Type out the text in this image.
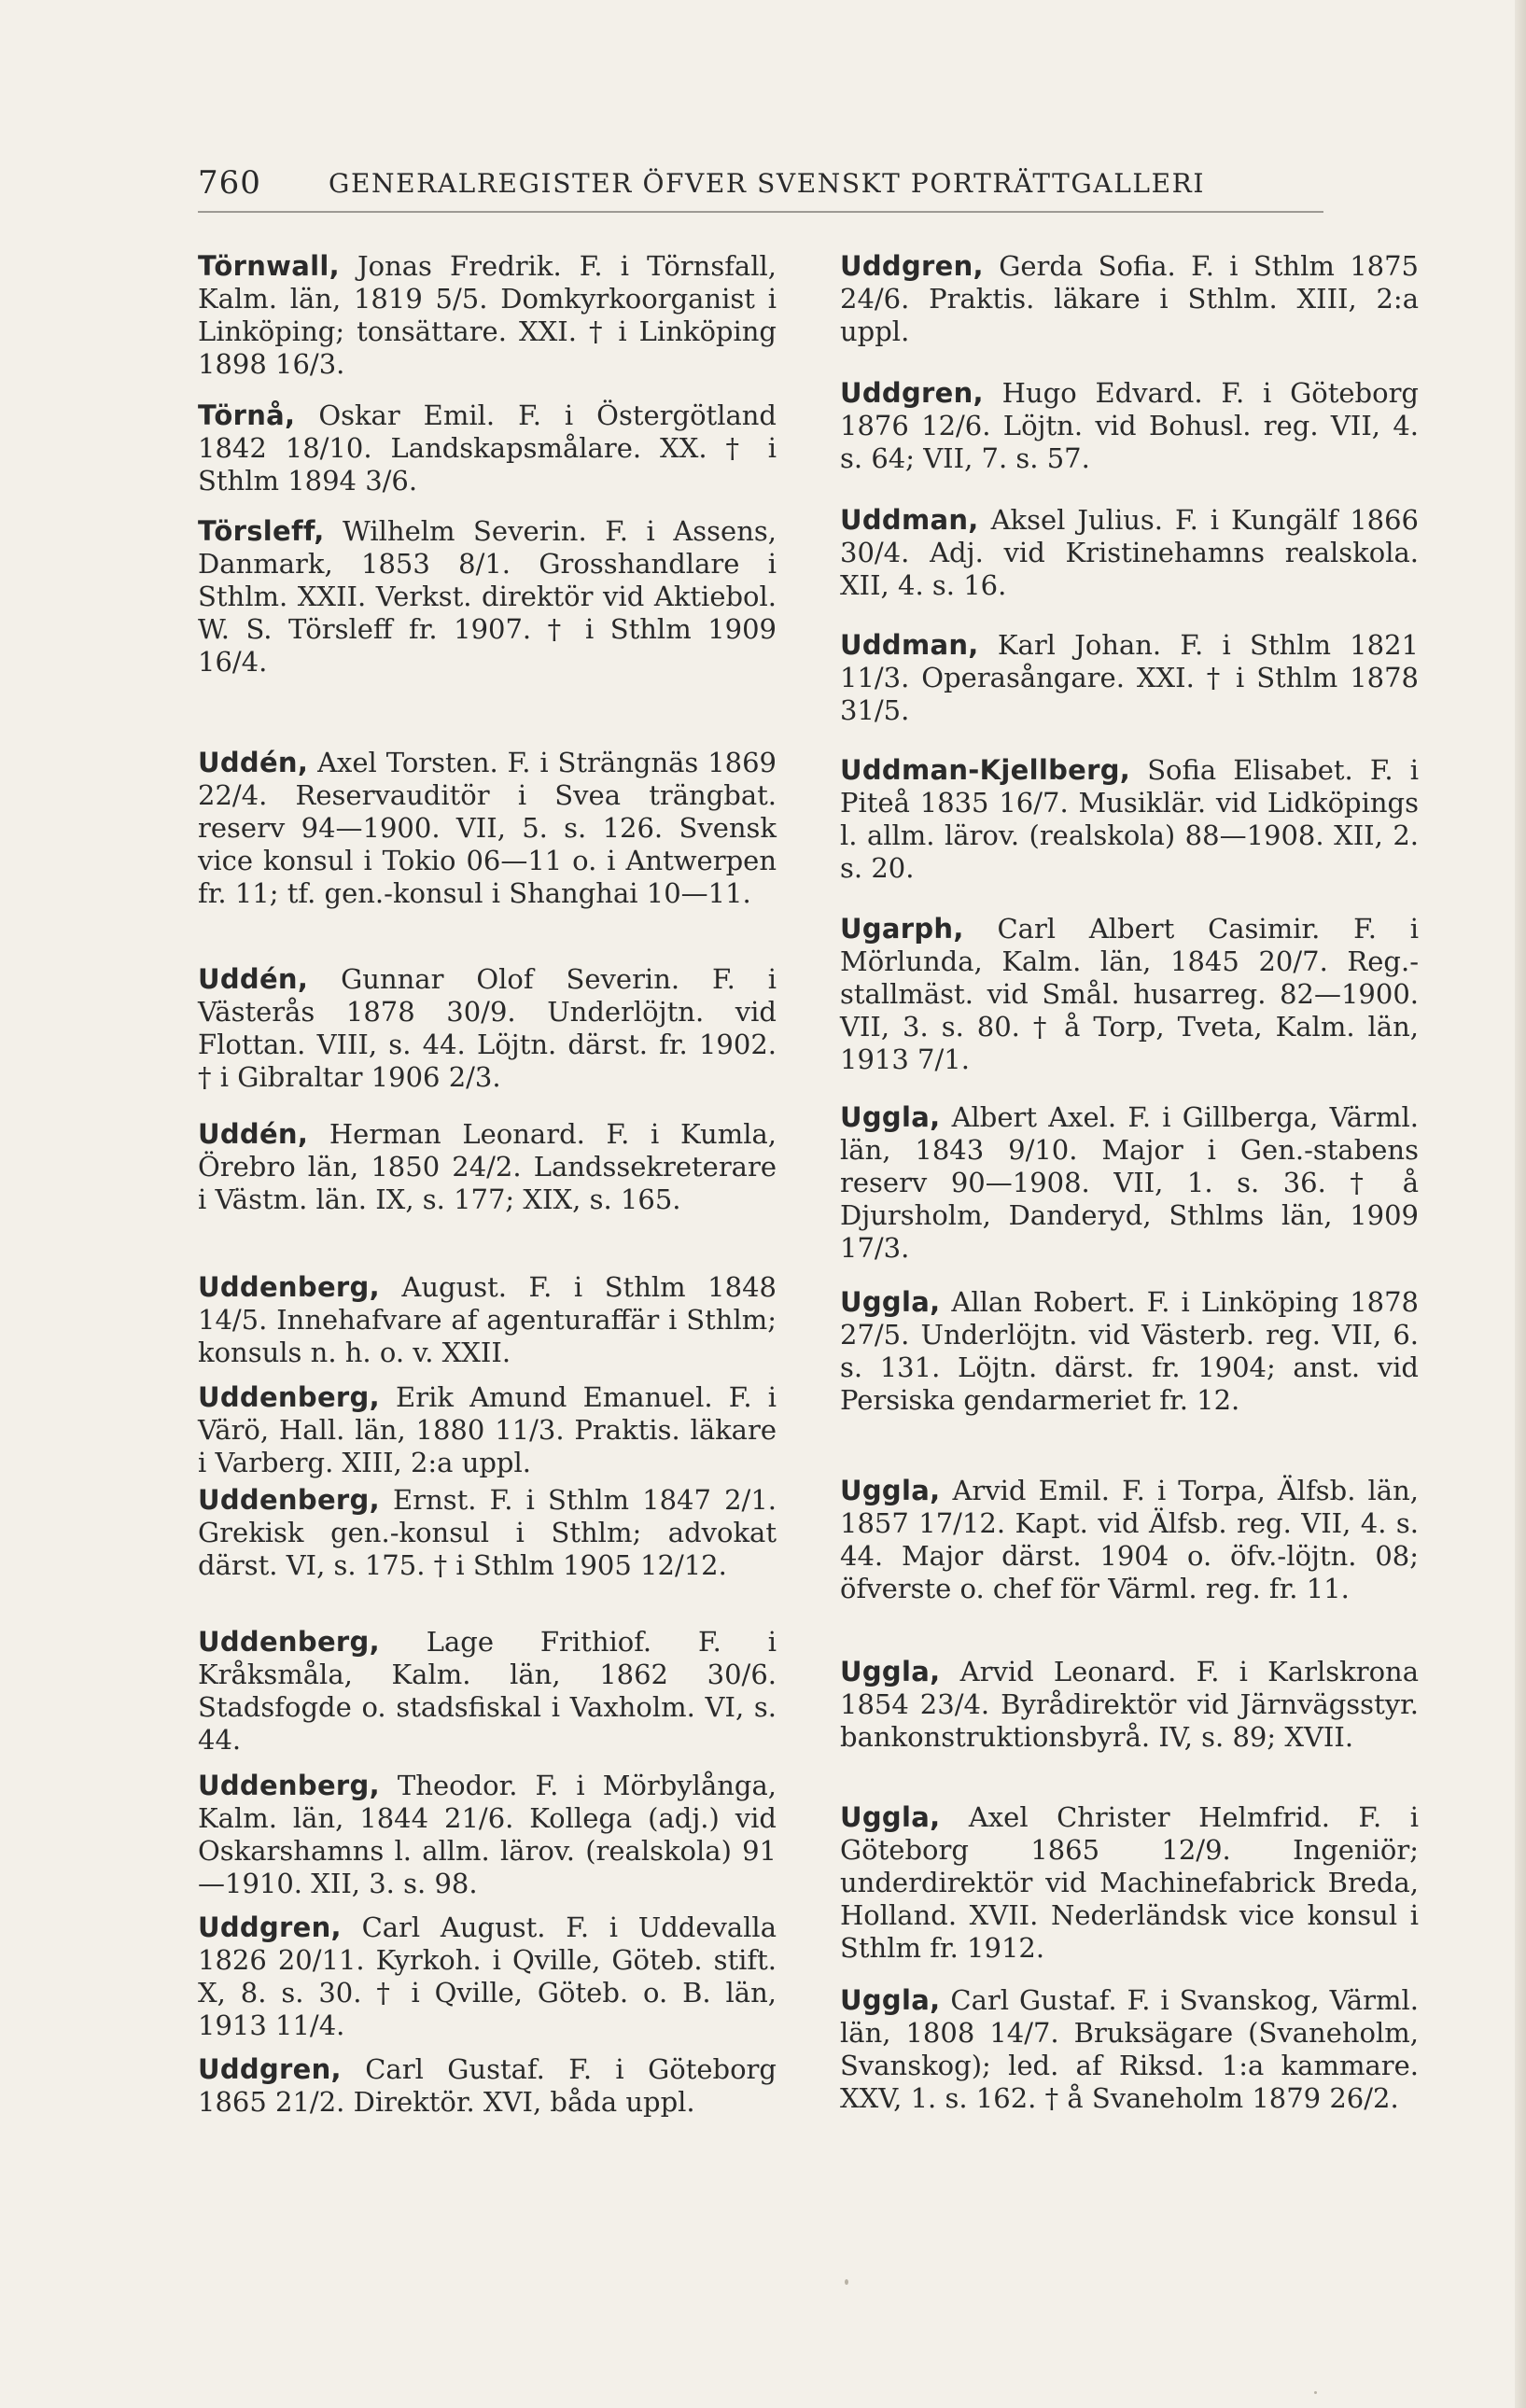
760	GENERALREGISTER ÖFVER SVENSKT PORTRÄTTGALLERI

Törnwall, Jonas Fredrik. F. i Törnsfall, Kalm. län, 1819 5/5. Domkyrkoorganist i Linköping; tonsättare. XXI. † i Linköping 1898 16/3.

Törnå, Oskar Emil. F. i Östergötland 1842 18/10. Landskapsmålare. XX. † i Sthlm 1894 3/6.

Törsleff, Wilhelm Severin. F. i Assens, Danmark, 1853 8/1. Grosshandlare i Sthlm. XXII. Verkst. direktör vid Aktiebol. W. S. Törsleff fr. 1907. † i Sthlm 1909 16/4.

Uddén, Axel Torsten. F. i Strängnäs 1869 22/4. Reservauditör i Svea trängbat. reserv 94—1900. VII, 5. s. 126. Svensk vice konsul i Tokio 06—11 o. i Antwerpen fr. 11; tf. gen.-konsul i Shanghai 10—11.

Uddén, Gunnar Olof Severin. F. i Västerås 1878 30/9. Underlöjtn. vid Flottan. VIII, s. 44. Löjtn. därst. fr. 1902. † i Gibraltar 1906 2/3.

Uddén, Herman Leonard. F. i Kumla, Örebro län, 1850 24/2. Landssekreterare i Västm. län. IX, s. 177; XIX, s. 165.

Uddenberg, August. F. i Sthlm 1848 14/5. Innehafvare af agenturaffär i Sthlm; konsuls n. h. o. v. XXII.

Uddenberg, Erik Amund Emanuel. F. i Värö, Hall. län, 1880 11/3. Praktis. läkare i Varberg. XIII, 2:a uppl.

Uddenberg, Ernst. F. i Sthlm 1847 2/1. Grekisk gen.-konsul i Sthlm; advokat därst. VI, s. 175. † i Sthlm 1905 12/12.

Uddenberg, Lage Frithiof. F. i Kråksmåla, Kalm. län, 1862 30/6. Stadsfogde o. stadsfiskal i Vaxholm. VI, s. 44.

Uddenberg, Theodor. F. i Mörbylånga, Kalm. län, 1844 21/6. Kollega (adj.) vid Oskarshamns l. allm. lärov. (realskola) 91—1910. XII, 3. s. 98.

Uddgren, Carl August. F. i Uddevalla 1826 20/11. Kyrkoh. i Qville, Göteb. stift. X, 8. s. 30. † i Qville, Göteb. o. B. län, 1913 11/4.

Uddgren, Carl Gustaf. F. i Göteborg 1865 21/2. Direktör. XVI, båda uppl.

Uddgren, Gerda Sofia. F. i Sthlm 1875 24/6. Praktis. läkare i Sthlm. XIII, 2:a uppl.

Uddgren, Hugo Edvard. F. i Göteborg 1876 12/6. Löjtn. vid Bohusl. reg. VII, 4. s. 64; VII, 7. s. 57.

Uddman, Aksel Julius. F. i Kungälf 1866 30/4. Adj. vid Kristinehamns realskola. XII, 4. s. 16.

Uddman, Karl Johan. F. i Sthlm 1821 11/3. Operasångare. XXI. † i Sthlm 1878 31/5.

Uddman-Kjellberg, Sofia Elisabet. F. i Piteå 1835 16/7. Musiklär. vid Lidköpings l. allm. lärov. (realskola) 88—1908. XII, 2. s. 20.

Ugarph, Carl Albert Casimir. F. i Mörlunda, Kalm. län, 1845 20/7. Reg.-stallmäst. vid Smål. husarreg. 82—1900. VII, 3. s. 80. † å Torp, Tveta, Kalm. län, 1913 7/1.

Uggla, Albert Axel. F. i Gillberga, Värml. län, 1843 9/10. Major i Gen.-stabens reserv 90—1908. VII, 1. s. 36. † å Djursholm, Danderyd, Sthlms län, 1909 17/3.

Uggla, Allan Robert. F. i Linköping 1878 27/5. Underlöjtn. vid Västerb. reg. VII, 6. s. 131. Löjtn. därst. fr. 1904; anst. vid Persiska gendarmeriet fr. 12.

Uggla, Arvid Emil. F. i Torpa, Älfsb. län, 1857 17/12. Kapt. vid Älfsb. reg. VII, 4. s. 44. Major därst. 1904 o. öfv.-löjtn. 08; öfverste o. chef för Värml. reg. fr. 11.

Uggla, Arvid Leonard. F. i Karlskrona 1854 23/4. Byrådirektör vid Järnvägsstyr. bankonstruktionsbyrå. IV, s. 89; XVII.

Uggla, Axel Christer Helmfrid. F. i Göteborg 1865 12/9. Ingeniör; underdirektör vid Machinefabrick Breda, Holland. XVII. Nederländsk vice konsul i Sthlm fr. 1912.

Uggla, Carl Gustaf. F. i Svanskog, Värml. län, 1808 14/7. Bruksägare (Svaneholm, Svanskog); led. af Riksd. 1:a kammare. XXV, 1. s. 162. † å Svaneholm 1879 26/2.
